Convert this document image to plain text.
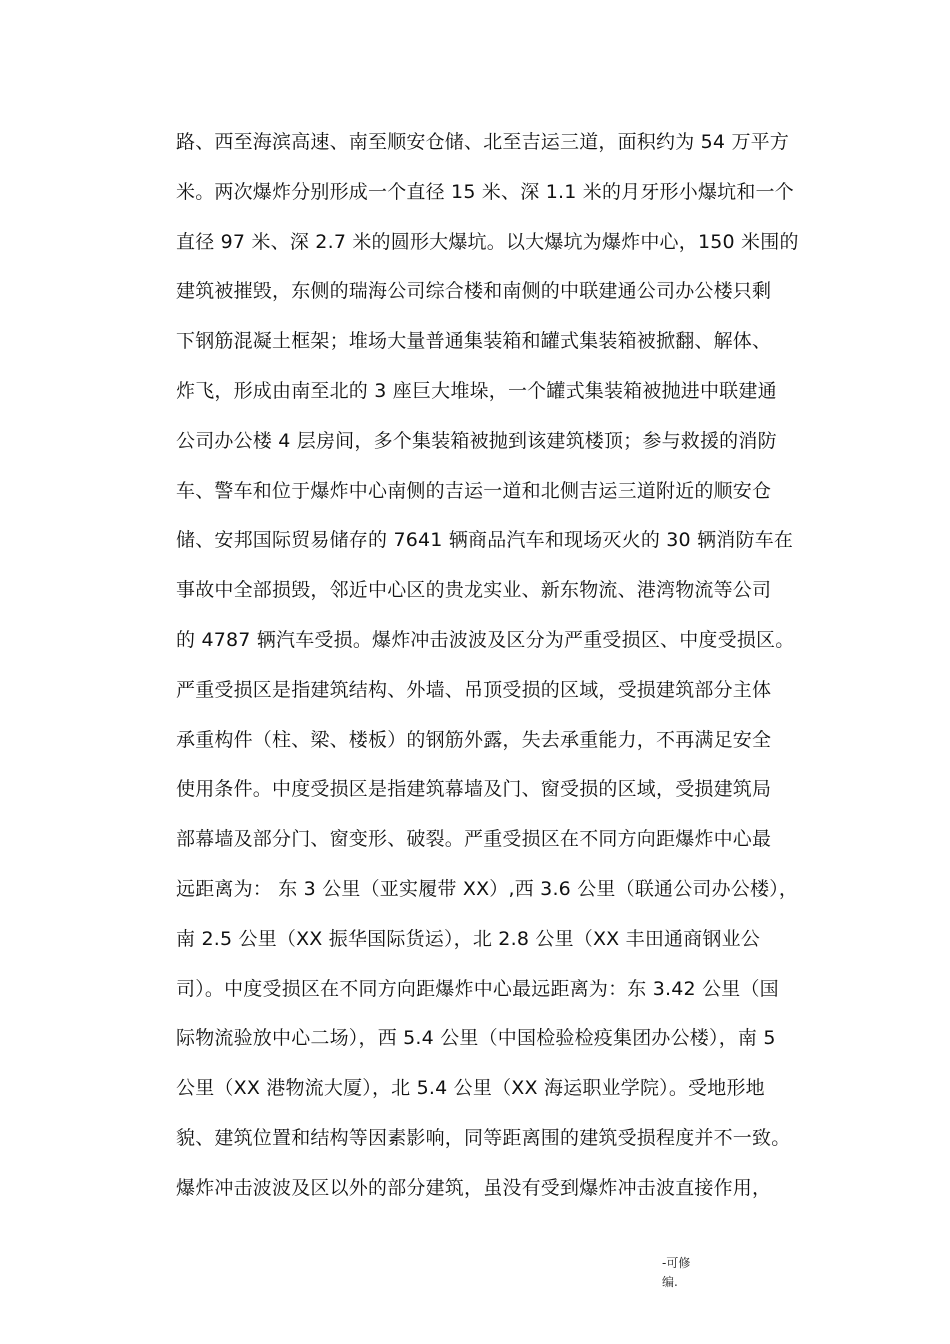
路、西至海滨高速、南至顺安仓储、北至吉运三道，面积约为 54 万平方
米。两次爆炸分别形成一个直径 15 米、深 1.1 米的月牙形小爆坑和一个
直径 97 米、深 2.7 米的圆形大爆坑。以大爆坑为爆炸中心，150 米围的
建筑被摧毁，东侧的瑞海公司综合楼和南侧的中联建通公司办公楼只剩
下钢筋混凝土框架；堆场大量普通集装箱和罐式集装箱被掀翻、解体、
炸飞，形成由南至北的 3 座巨大堆垛，一个罐式集装箱被抛进中联建通
公司办公楼 4 层房间，多个集装箱被抛到该建筑楼顶；参与救援的消防
车、警车和位于爆炸中心南侧的吉运一道和北侧吉运三道附近的顺安仓
储、安邦国际贸易储存的 7641 辆商品汽车和现场灭火的 30 辆消防车在
事故中全部损毁，邻近中心区的贵龙实业、新东物流、港湾物流等公司
的 4787 辆汽车受损。爆炸冲击波波及区分为严重受损区、中度受损区。
严重受损区是指建筑结构、外墙、吊顶受损的区域，受损建筑部分主体
承重构件（柱、梁、楼板）的钢筋外露，失去承重能力，不再满足安全
使用条件。中度受损区是指建筑幕墙及门、窗受损的区域，受损建筑局
部幕墙及部分门、窗变形、破裂。严重受损区在不同方向距爆炸中心最
远距离为： 东 3 公里（亚实履带 XX）,西 3.6 公里（联通公司办公楼），
南 2.5 公里（XX 振华国际货运），北 2.8 公里（XX 丰田通商钢业公
司）。中度受损区在不同方向距爆炸中心最远距离为：东 3.42 公里（国
际物流验放中心二场），西 5.4 公里（中国检验检疫集团办公楼），南 5
公里（XX 港物流大厦），北 5.4 公里（XX 海运职业学院）。受地形地
貌、建筑位置和结构等因素影响，同等距离围的建筑受损程度并不一致。
爆炸冲击波波及区以外的部分建筑，虽没有受到爆炸冲击波直接作用，
-可修
编.
